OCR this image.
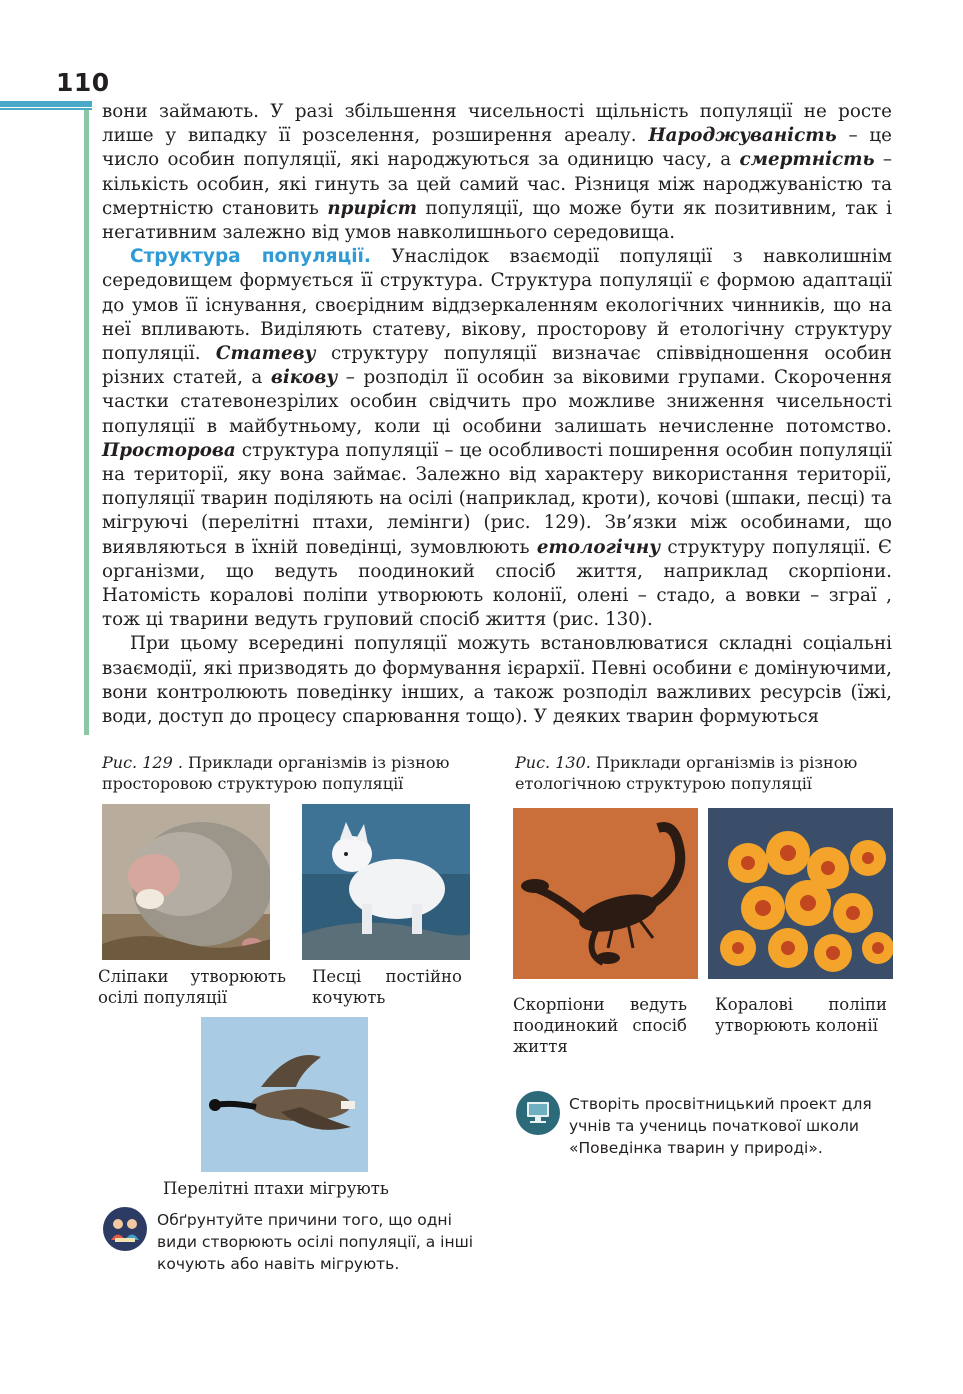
110

вони займають. У разі збільшення чисельності щільність популяції не росте лише у випадку її розселення, розширення ареалу. Народжуваність – це число особин популяції, які народжуються за одиницю часу, а смертність – кількість особин, які гинуть за цей самий час. Різниця між народжуваністю та смертністю становить приріст популяції, що може бути як позитивним, так і негативним залежно від умов навколишнього середовища.

Структура популяції. Унаслідок взаємодії популяції з навколишнім середовищем формується її структура. Структура популяції є формою адаптації до умов її існування, своєрідним віддзеркаленням екологічних чинників, що на неї впливають. Виділяють статеву, вікову, просторову й етологічну структуру популяції. Статеву структуру популяції визначає співвідношення особин різних статей, а вікову – розподіл її особин за віковими групами. Скорочення частки статевонезрілих особин свідчить про можливе зниження чисельності популяції в майбутньому, коли ці особини залишать нечисленне потомство. Просторова структура популяції – це особливості поширення особин популяції на території, яку вона займає. Залежно від характеру використання території, популяції тварин поділяють на осілі (наприклад, кроти), кочові (шпаки, песці) та мігруючі (перелітні птахи, лемінги) (рис. 129). Зв’язки між особинами, що виявляються в їхній поведінці, зумовлюють етологічну структуру популяції. Є організми, що ведуть поодинокий спосіб життя, наприклад скорпіони. Натомість коралові поліпи утворюють колонії, олені – стадо, а вовки – зграї , тож ці тварини ведуть груповий спосіб життя (рис. 130).

При цьому всередині популяції можуть встановлюватися складні соціальні взаємодії, які призводять до формування ієрархії. Певні особини є домінуючими, вони контролюють поведінку інших, а також розподіл важливих ресурсів (їжі, води, доступ до процесу спарювання тощо). У деяких тварин формуються

Рис. 129 . Приклади організмів із різною просторовою структурою популяції
Рис. 130. Приклади організмів із різною етологічною структурою популяції
Сліпаки утворюють осілі популяції
Песці постійно кочують
Перелітні птахи мігрують
Скорпіони ведуть поодинокий спосіб життя
Коралові поліпи утворюють колонії
Створіть просвітницький проект для учнів та учениць початкової школи «Поведінка тварин у природі».
Обґрунтуйте причини того, що одні види створюють осілі популяції, а інші кочують або навіть мігрують.
